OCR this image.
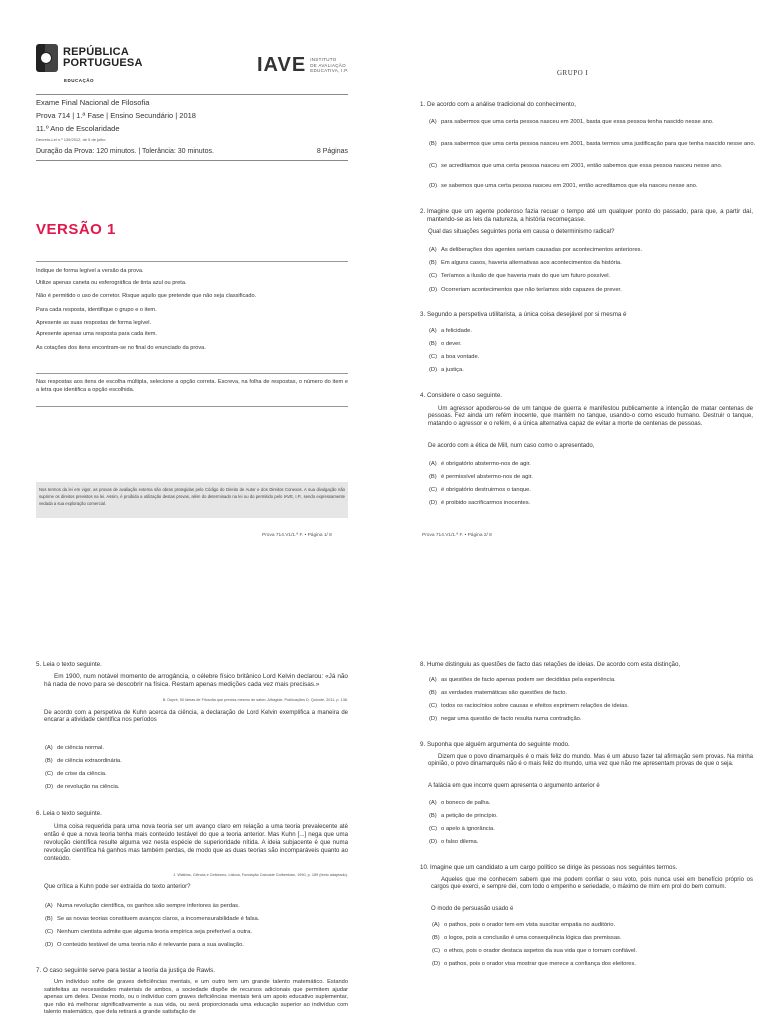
REPÚBLICA
PORTUGUESA
EDUCAÇÃO
IAVE INSTITUTO
DE AVALIAÇÃO
EDUCATIVA, I.P.
Exame Final Nacional de Filosofia
Prova 714 | 1.ª Fase | Ensino Secundário | 2018
11.º Ano de Escolaridade
Decreto-Lei n.º 139/2012, de 5 de julho
Duração da Prova: 120 minutos. | Tolerância: 30 minutos.	8 Páginas
VERSÃO 1

Indique de forma legível a versão da prova.

Utilize apenas caneta ou esferográfica de tinta azul ou preta.

Não é permitido o uso de corretor. Risque aquilo que pretende que não seja classificado.

Para cada resposta, identifique o grupo e o item.

Apresente as suas respostas de forma legível.

Apresente apenas uma resposta para cada item.

As cotações dos itens encontram-se no final do enunciado da prova.

Nas respostas aos itens de escolha múltipla, selecione a opção correta. Escreva, na folha de respostas, o número do item e a letra que identifica a opção escolhida.

Nos termos da lei em vigor, as provas de avaliação externa são obras protegidas pelo Código do Direito de Autor e dos Direitos Conexos. A sua divulgação não suprime os direitos previstos na lei. Assim, é proibida a utilização destas provas, além do determinado na lei ou do permitido pelo IAVE, I.P., sendo expressamente vedada a sua exploração comercial.

Prova 714.V1/1.ª F. • Página 1/ 8
GRUPO I
1. De acordo com a análise tradicional do conhecimento,
(A) para sabermos que uma certa pessoa nasceu em 2001, basta que essa pessoa tenha nascido nesse ano.
(B) para sabermos que uma certa pessoa nasceu em 2001, basta termos uma justificação para que tenha nascido nesse ano.
(C) se acreditamos que uma certa pessoa nasceu em 2001, então sabemos que essa pessoa nasceu nesse ano.
(D) se sabemos que uma certa pessoa nasceu em 2001, então acreditamos que ela nasceu nesse ano.
2. Imagine que um agente poderoso fazia recuar o tempo até um qualquer ponto do passado, para que, a partir daí, mantendo-se as leis da natureza, a história recomeçasse.
Qual das situações seguintes poria em causa o determinismo radical?
(A) As deliberações dos agentes seriam causadas por acontecimentos anteriores.
(B) Em alguns casos, haveria alternativas aos acontecimentos da história.
(C) Teríamos a ilusão de que haveria mais do que um futuro possível.
(D) Ocorreriam acontecimentos que não teríamos sido capazes de prever.
3. Segundo a perspetiva utilitarista, a única coisa desejável por si mesma é
(A) a felicidade.
(B) o dever.
(C) a boa vontade.
(D) a justiça.
4. Considere o caso seguinte.
Um agressor apoderou-se de um tanque de guerra e manifestou publicamente a intenção de matar centenas de pessoas. Fez ainda um refém inocente, que mantém no tanque, usando-o como escudo humano. Destruir o tanque, matando o agressor e o refém, é a única alternativa capaz de evitar a morte de centenas de pessoas.
De acordo com a ética de Mill, num caso como o apresentado,
(A) é obrigatório abstermo-nos de agir.
(B) é permissível abstermo-nos de agir.
(C) é obrigatório destruirmos o tanque.
(D) é proibido sacrificarmos inocentes.
Prova 714.V1/1.ª F. • Página 2/ 8
5. Leia o texto seguinte.
Em 1900, num notável momento de arrogância, o célebre físico britânico Lord Kelvin declarou: «Já não há nada de novo para se descobrir na física. Restam apenas medições cada vez mais precisas.»
B. Dupré, 50 Ideias de Filosofia que precisa mesmo de saber, Alfragide, Publicações D. Quixote, 2011, p. 136.
De acordo com a perspetiva de Kuhn acerca da ciência, a declaração de Lord Kelvin exemplifica a maneira de encarar a atividade científica nos períodos
(A) de ciência normal.
(B) de ciência extraordinária.
(C) de crise da ciência.
(D) de revolução na ciência.
6. Leia o texto seguinte.
Uma coisa requerida para uma nova teoria ser um avanço claro em relação a uma teoria prevalecente até então é que a nova teoria tenha mais conteúdo testável do que a teoria anterior. Mas Kuhn [...] nega que uma revolução científica resulte alguma vez nesta espécie de superioridade nítida. A ideia subjacente é que numa revolução científica há ganhos mas também perdas, de modo que as duas teorias são incomparáveis quanto ao conteúdo.
J. Watkins, Ciência e Ceticismo, Lisboa, Fundação Calouste Gulbenkian, 1990, p. 189 (texto adaptado).
Que crítica a Kuhn pode ser extraída do texto anterior?
(A) Numa revolução científica, os ganhos são sempre inferiores às perdas.
(B) Se as novas teorias constituem avanços claros, a incomensurabilidade é falsa.
(C) Nenhum cientista admite que alguma teoria empírica seja preferível a outra.
(D) O conteúdo testável de uma teoria não é relevante para a sua avaliação.
7. O caso seguinte serve para testar a teoria da justiça de Rawls.
Um indivíduo sofre de graves deficiências mentais, e um outro tem um grande talento matemático. Estando satisfeitas as necessidades materiais de ambos, a sociedade dispõe de recursos adicionais que permitem ajudar apenas um deles. Desse modo, ou o indivíduo com graves deficiências mentais terá um apoio educativo suplementar, que não irá melhorar significativamente a sua vida, ou será proporcionada uma educação superior ao indivíduo com talento matemático, que dela retirará a grande satisfação de
8. Hume distinguiu as questões de facto das relações de ideias. De acordo com esta distinção,
(A) as questões de facto apenas podem ser decididas pela experiência.
(B) as verdades matemáticas são questões de facto.
(C) todos os raciocínios sobre causas e efeitos exprimem relações de ideias.
(D) negar uma questão de facto resulta numa contradição.
9. Suponha que alguém argumenta do seguinte modo.
Dizem que o povo dinamarquês é o mais feliz do mundo. Mas é um abuso fazer tal afirmação sem provas. Na minha opinião, o povo dinamarquês não é o mais feliz do mundo, uma vez que não me apresentam provas de que o seja.
A falácia em que incorre quem apresenta o argumento anterior é
(A) o boneco de palha.
(B) a petição de princípio.
(C) o apelo à ignorância.
(D) o falso dilema.
10. Imagine que um candidato a um cargo político se dirige às pessoas nos seguintes termos.
Aqueles que me conhecem sabem que me podem confiar o seu voto, pois nunca usei em benefício próprio os cargos que exerci, e sempre dei, com todo o empenho e seriedade, o máximo de mim em prol do bem comum.
O modo de persuasão usado é
(A) o pathos, pois o orador tem em vista suscitar empatia no auditório.
(B) o logos, pois a conclusão é uma consequência lógica das premissas.
(C) o ethos, pois o orador destaca aspetos da sua vida que o tornam confiável.
(D) o pathos, pois o orador visa mostrar que merece a confiança dos eleitores.
